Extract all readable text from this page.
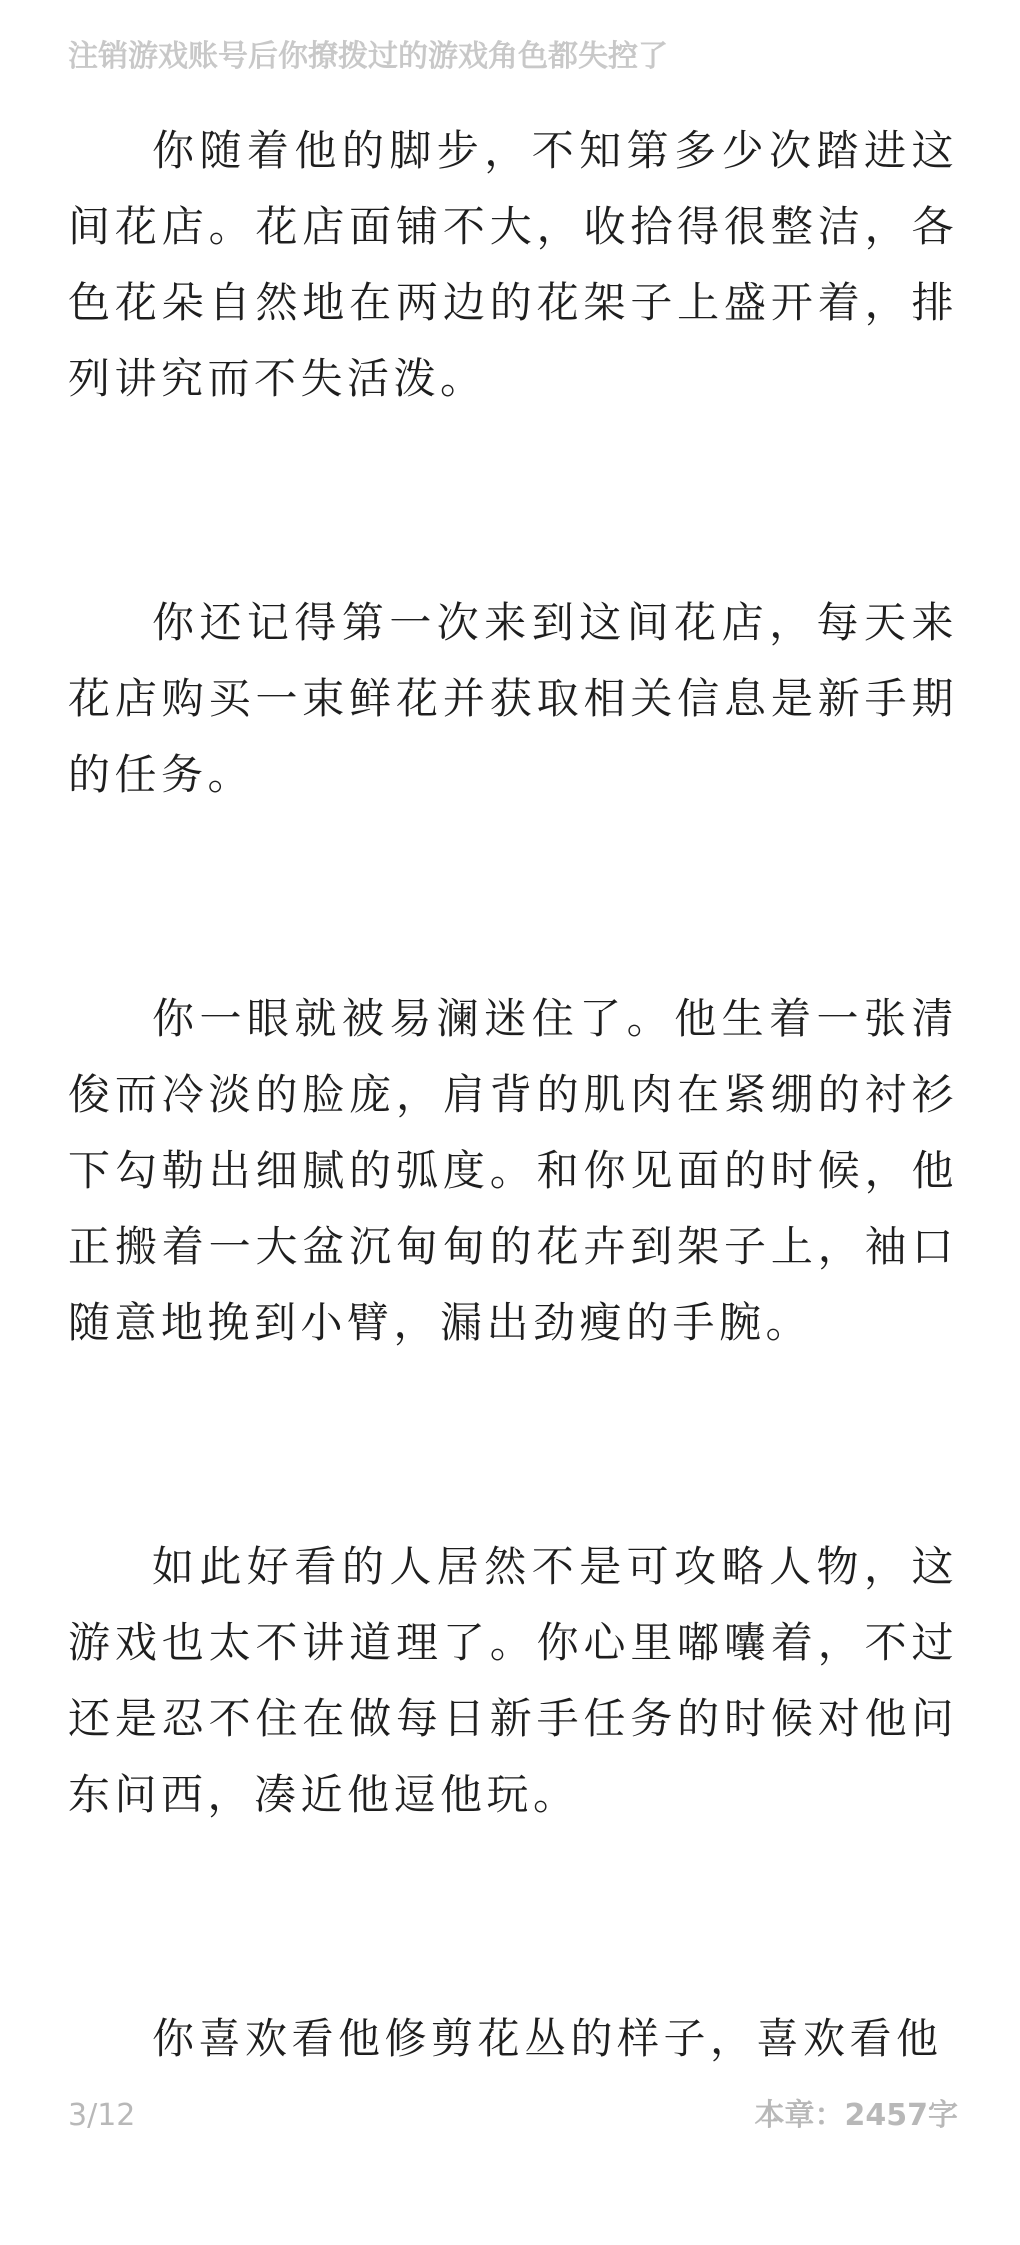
注销游戏账号后你撩拨过的游戏角色都失控了

你随着他的脚步，不知第多少次踏进这间花店。花店面铺不大，收拾得很整洁，各色花朵自然地在两边的花架子上盛开着，排列讲究而不失活泼。

你还记得第一次来到这间花店，每天来花店购买一束鲜花并获取相关信息是新手期的任务。

你一眼就被易澜迷住了。他生着一张清俊而冷淡的脸庞，肩背的肌肉在紧绷的衬衫下勾勒出细腻的弧度。和你见面的时候，他正搬着一大盆沉甸甸的花卉到架子上，袖口随意地挽到小臂，漏出劲瘦的手腕。

如此好看的人居然不是可攻略人物，这游戏也太不讲道理了。你心里嘟囔着，不过还是忍不住在做每日新手任务的时候对他问东问西，凑近他逗他玩。

你喜欢看他修剪花丛的样子，喜欢看他

3/12	本章：2457字
